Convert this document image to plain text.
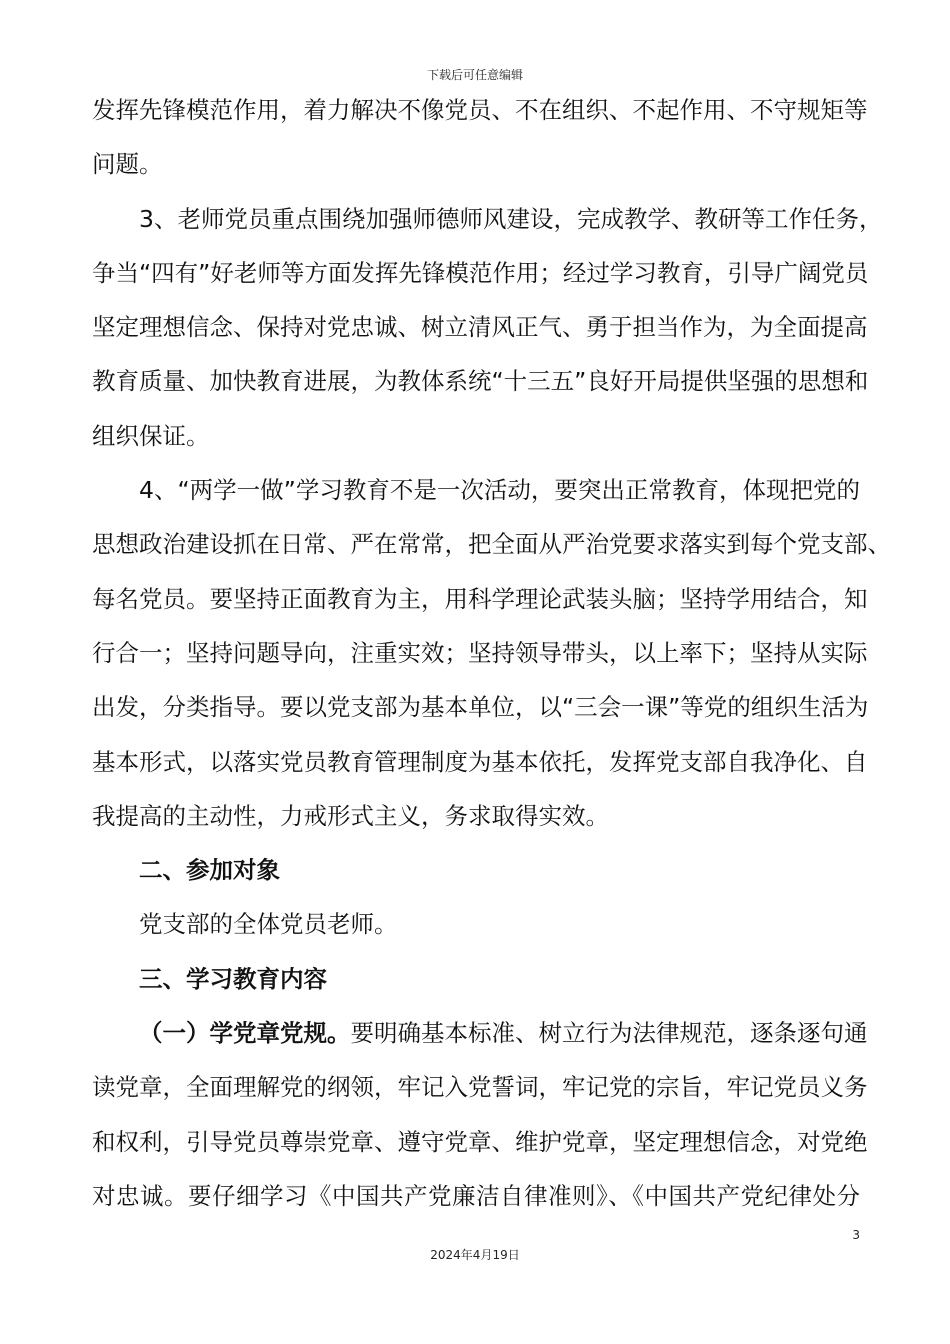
下载后可任意编辑
发挥先锋模范作用，着力解决不像党员、不在组织、不起作用、不守规矩等
问题。
3、老师党员重点围绕加强师德师风建设，完成教学、教研等工作任务，
争当“四有”好老师等方面发挥先锋模范作用；经过学习教育，引导广阔党员
坚定理想信念、保持对党忠诚、树立清风正气、勇于担当作为，为全面提高
教育质量、加快教育进展，为教体系统“十三五”良好开局提供坚强的思想和
组织保证。
4、“两学一做”学习教育不是一次活动，要突出正常教育，体现把党的
思想政治建设抓在日常、严在常常，把全面从严治党要求落实到每个党支部、
每名党员。要坚持正面教育为主，用科学理论武装头脑；坚持学用结合，知
行合一；坚持问题导向，注重实效；坚持领导带头，以上率下；坚持从实际
出发，分类指导。要以党支部为基本单位，以“三会一课”等党的组织生活为
基本形式，以落实党员教育管理制度为基本依托，发挥党支部自我净化、自
我提高的主动性，力戒形式主义，务求取得实效。
二、参加对象
党支部的全体党员老师。
三、学习教育内容
（一）学党章党规。要明确基本标准、树立行为法律规范，逐条逐句通
读党章，全面理解党的纲领，牢记入党誓词，牢记党的宗旨，牢记党员义务
和权利，引导党员尊崇党章、遵守党章、维护党章，坚定理想信念，对党绝
对忠诚。要仔细学习《中国共产党廉洁自律准则》、《中国共产党纪律处分
3
2024年4月19日
